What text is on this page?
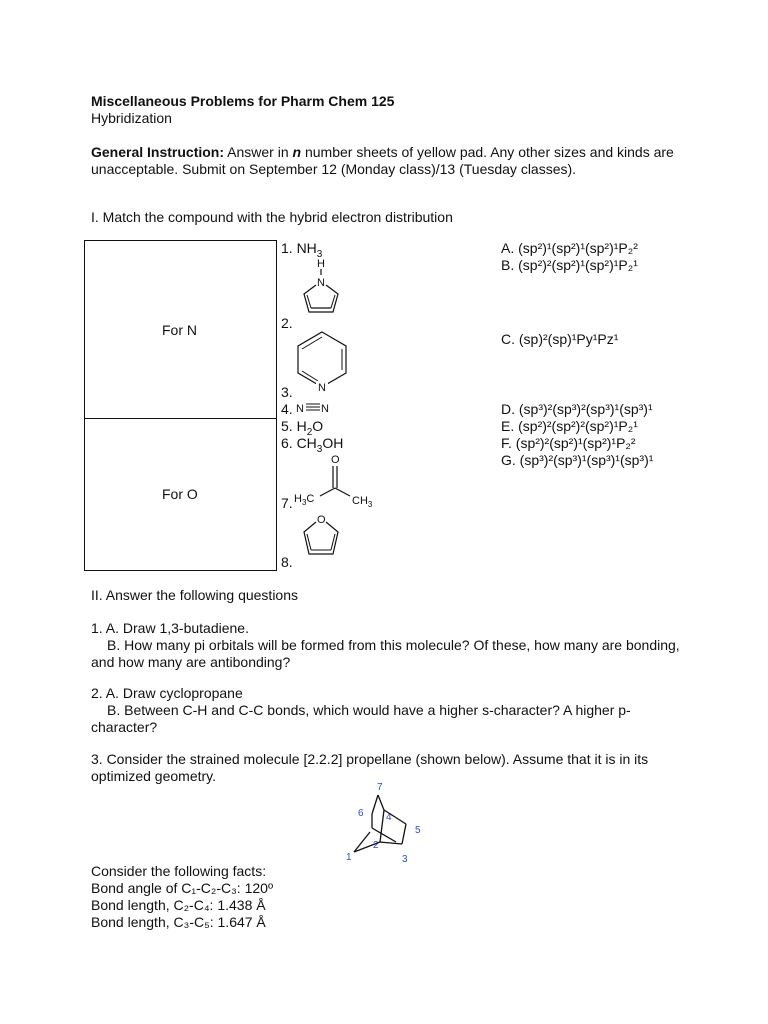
Miscellaneous Problems for Pharm Chem 125
Hybridization
General Instruction: Answer in n number sheets of yellow pad. Any other sizes and kinds are
unacceptable. Submit on September 12 (Monday class)/13 (Tuesday classes).
I. Match the compound with the hybrid electron distribution
For N
For O
1. $NH_3$
2.
3.
4.
5. $H_2O$
6. $CH_3OH$
7.
8.
H
N
N
N N
O
$H_3C$	$CH_3$
O
A. (sp²)¹(sp²)¹(sp²)¹P₂²
B. (sp²)²(sp²)¹(sp²)¹P₂¹
C. (sp)²(sp)¹Py¹Pz¹
D. (sp³)²(sp³)²(sp³)¹(sp³)¹
E. (sp²)²(sp²)²(sp²)¹P₂¹
F. (sp²)²(sp²)¹(sp²)¹P₂²
G. (sp³)²(sp³)¹(sp³)¹(sp³)¹
II. Answer the following questions
1. A. Draw 1,3-butadiene.
B. How many pi orbitals will be formed from this molecule? Of these, how many are bonding,
and how many are antibonding?
2. A. Draw cyclopropane
B. Between C-H and C-C bonds, which would have a higher s-character? A higher p-
character?
3. Consider the strained molecule [2.2.2] propellane (shown below). Assume that it is in its
optimized geometry.
7
6 4
5
2
1	3
Consider the following facts:
Bond angle of C₁-C₂-C₃: 120º
Bond length, C₂-C₄: 1.438 Å
Bond length, C₃-C₅: 1.647 Å
